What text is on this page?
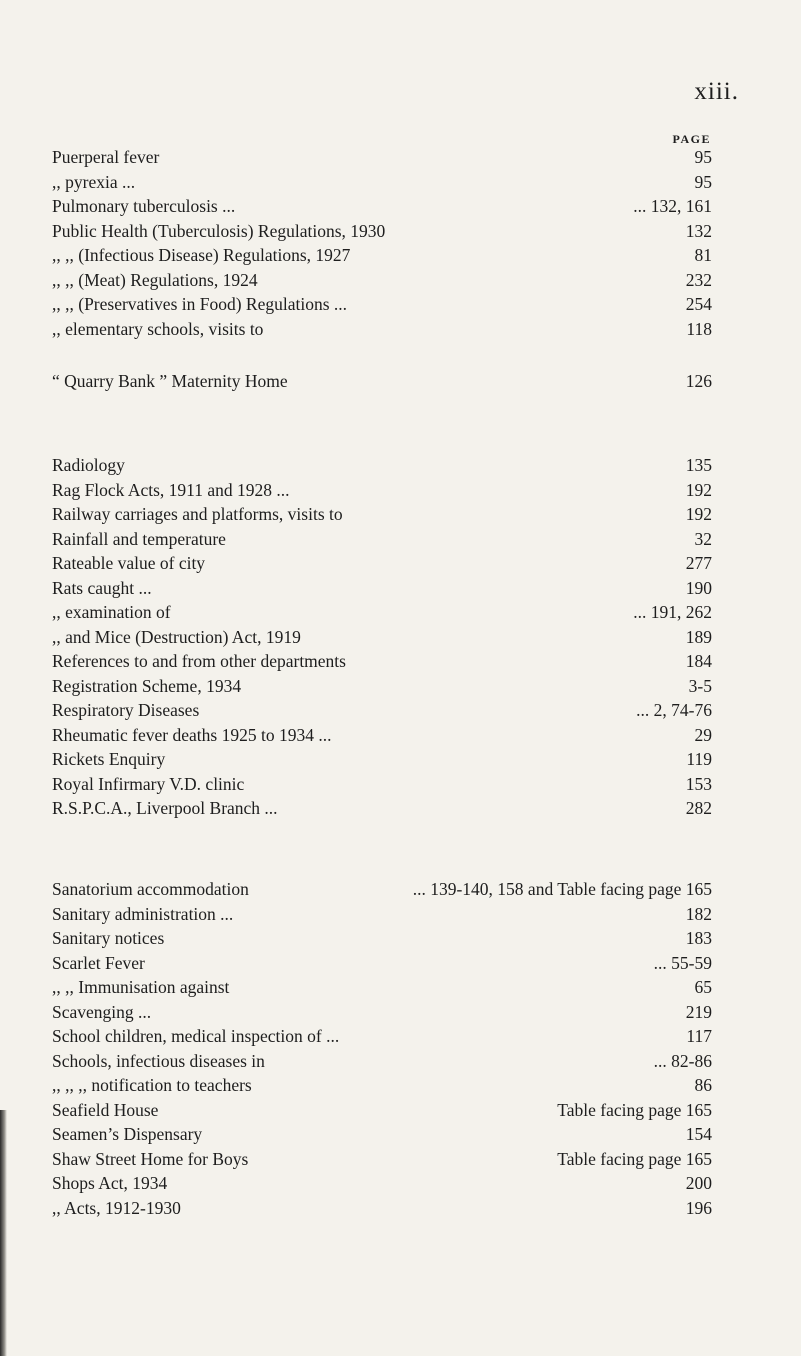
xiii.
PAGE
Puerperal fever	95
,, pyrexia ...	95
Pulmonary tuberculosis ...	... 132, 161
Public Health (Tuberculosis) Regulations, 1930	132
,, ,, (Infectious Disease) Regulations, 1927	81
,, ,, (Meat) Regulations, 1924	232
,, ,, (Preservatives in Food) Regulations ...	254
,, elementary schools, visits to	118
“ Quarry Bank ” Maternity Home	126
Radiology	135
Rag Flock Acts, 1911 and 1928 ...	192
Railway carriages and platforms, visits to	192
Rainfall and temperature	32
Rateable value of city	277
Rats caught ...	190
,, examination of	... 191, 262
,, and Mice (Destruction) Act, 1919	189
References to and from other departments	184
Registration Scheme, 1934	3-5
Respiratory Diseases	... 2, 74-76
Rheumatic fever deaths 1925 to 1934 ...	29
Rickets Enquiry	119
Royal Infirmary V.D. clinic	153
R.S.P.C.A., Liverpool Branch ...	282
Sanatorium accommodation	... 139-140, 158 and Table facing page 165
Sanitary administration ...	182
Sanitary notices	183
Scarlet Fever	... 55-59
,, ,, Immunisation against	65
Scavenging ...	219
School children, medical inspection of ...	117
Schools, infectious diseases in	... 82-86
,, ,, ,, notification to teachers	86
Seafield House	Table facing page 165
Seamen’s Dispensary	154
Shaw Street Home for Boys	Table facing page 165
Shops Act, 1934	200
,, Acts, 1912-1930	196
